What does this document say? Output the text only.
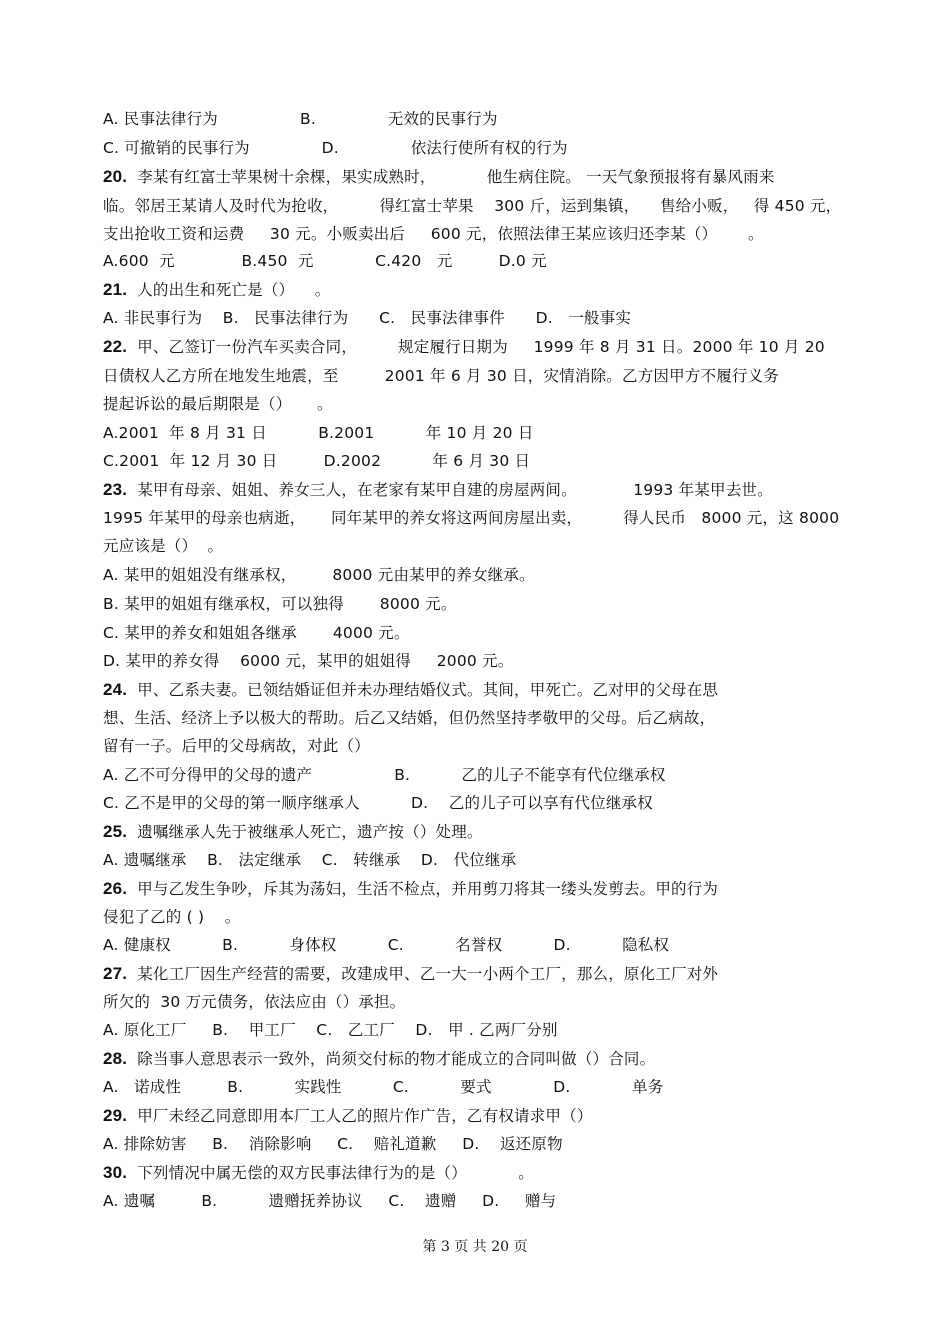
A. 民事法律行为                B.              无效的民事行为
C. 可撤销的民事行为              D.              依法行使所有权的行为
20. 李某有红富士苹果树十余棵，果实成熟时，          他生病住院。 一天气象预报将有暴风雨来
临。邻居王某请人及时代为抢收，        得红富士苹果    300 斤，运到集镇，    售给小贩，   得 450 元，
支出抢收工资和运费     30 元。小贩卖出后     600 元，依照法律王某应该归还李某（）      。
A.600  元             B.450  元            C.420   元         D.0 元
21. 人的出生和死亡是（）    。
A. 非民事行为    B.   民事法律行为      C.   民事法律事件      D.   一般事实
22. 甲、乙签订一份汽车买卖合同，        规定履行日期为     1999 年 8 月 31 日。2000 年 10 月 20
日债权人乙方所在地发生地震，至         2001 年 6 月 30 日，灾情消除。乙方因甲方不履行义务
提起诉讼的最后期限是（）     。
A.2001  年 8 月 31 日          B.2001          年 10 月 20 日
C.2001  年 12 月 30 日         D.2002          年 6 月 30 日
23. 某甲有母亲、姐姐、养女三人，在老家有某甲自建的房屋两间。           1993 年某甲去世。
1995 年某甲的母亲也病逝，     同年某甲的养女将这两间房屋出卖，        得人民币   8000 元，这 8000
元应该是（）  。
A. 某甲的姐姐没有继承权，       8000 元由某甲的养女继承。
B. 某甲的姐姐有继承权，可以独得       8000 元。
C. 某甲的养女和姐姐各继承       4000 元。
D. 某甲的养女得    6000 元，某甲的姐姐得     2000 元。
24. 甲、乙系夫妻。已领结婚证但并未办理结婚仪式。其间，甲死亡。乙对甲的父母在思
想、生活、经济上予以极大的帮助。后乙又结婚，但仍然坚持孝敬甲的父母。后乙病故，
留有一子。后甲的父母病故，对此（）
A. 乙不可分得甲的父母的遗产                B.          乙的儿子不能享有代位继承权
C. 乙不是甲的父母的第一顺序继承人          D.    乙的儿子可以享有代位继承权
25. 遗嘱继承人先于被继承人死亡，遗产按（）处理。
A. 遗嘱继承    B.   法定继承    C.   转继承    D.   代位继承
26. 甲与乙发生争吵，斥其为荡妇，生活不检点，并用剪刀将其一缕头发剪去。甲的行为
侵犯了乙的 ( )    。
A. 健康权          B.          身体权          C.          名誉权          D.          隐私权
27. 某化工厂因生产经营的需要，改建成甲、乙一大一小两个工厂，那么，原化工厂对外
所欠的  30 万元债务，依法应由（）承担。
A. 原化工厂     B.    甲工厂    C.   乙工厂    D.   甲 . 乙两厂分别
28. 除当事人意思表示一致外，尚须交付标的物才能成立的合同叫做（）合同。
A.   诺成性         B.          实践性          C.          要式            D.            单务
29. 甲厂未经乙同意即用本厂工人乙的照片作广告，乙有权请求甲（）
A. 排除妨害     B.    消除影响     C.    赔礼道歉     D.    返还原物
30. 下列情况中属无偿的双方民事法律行为的是（）          。
A. 遗嘱         B.          遗赠抚养协议     C.    遗赠     D.     赠与
第 3 页 共 20 页
